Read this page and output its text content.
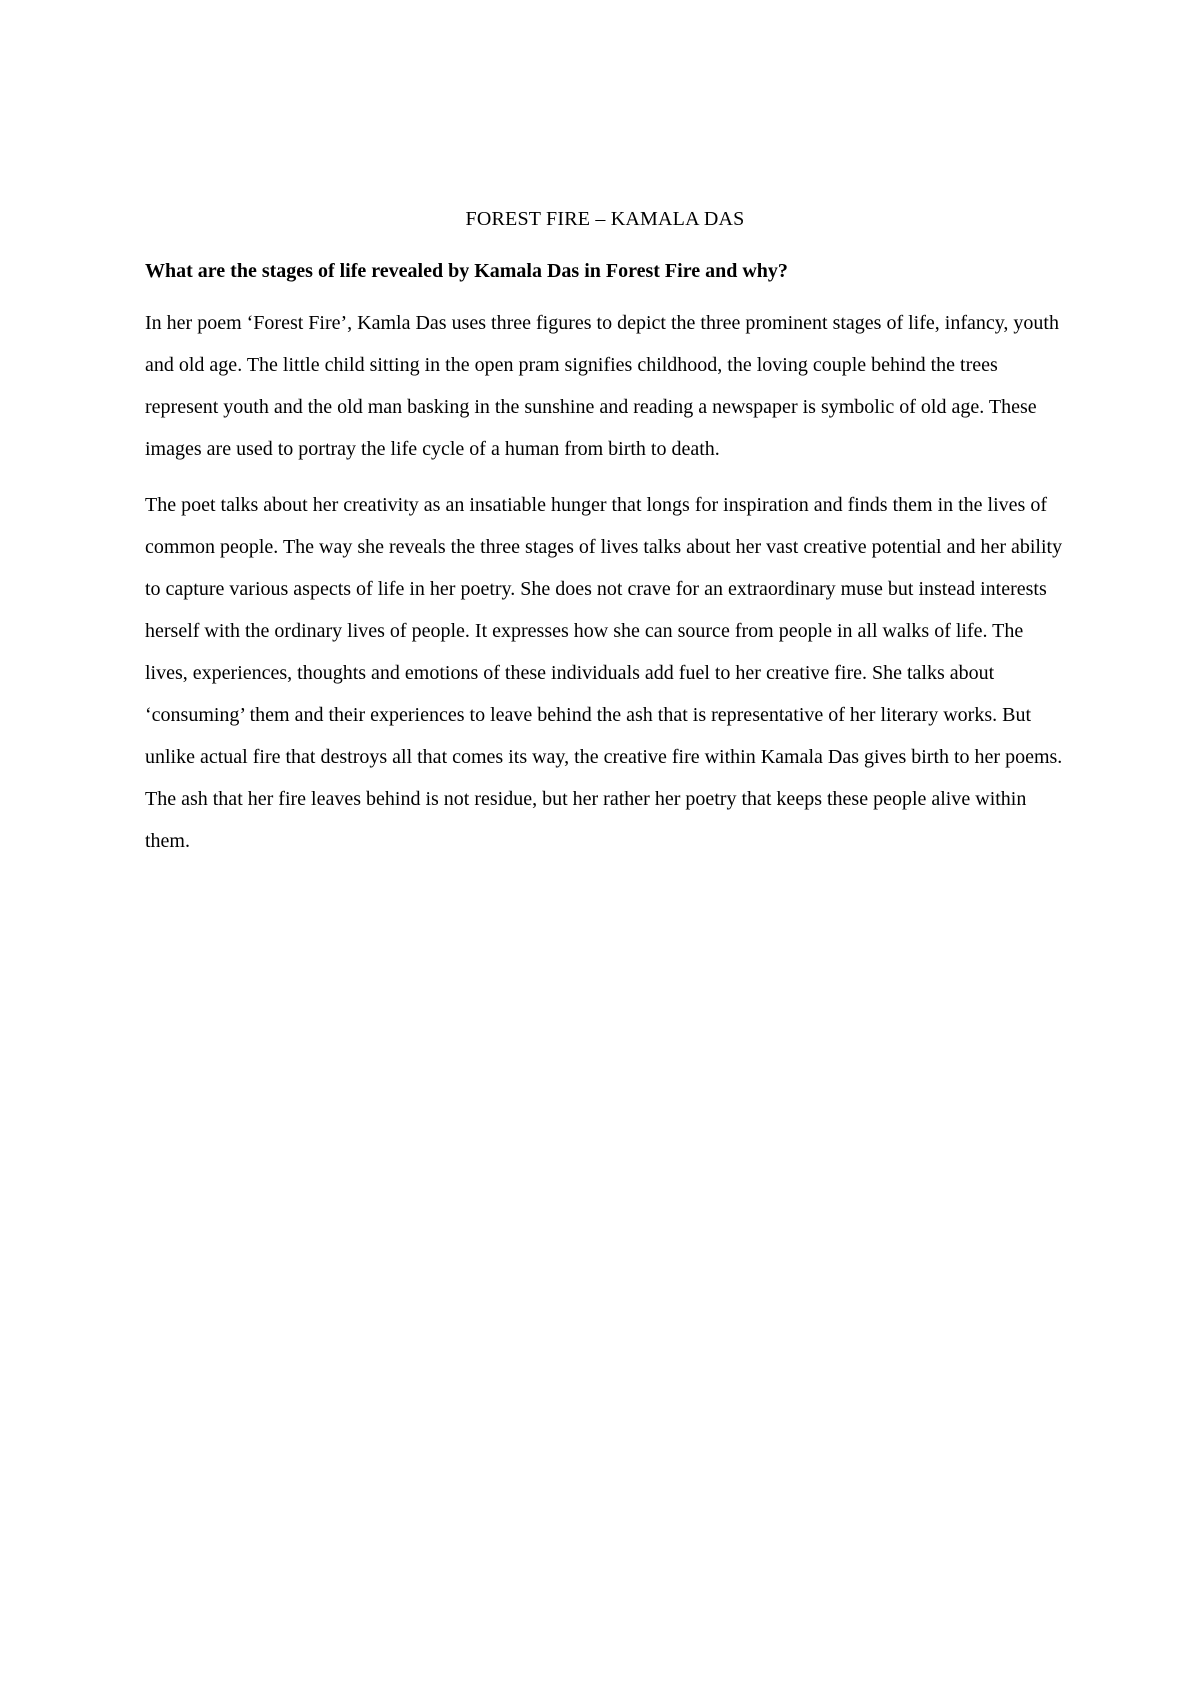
FOREST FIRE – KAMALA DAS
What are the stages of life revealed by Kamala Das in Forest Fire and why?

In her poem ‘Forest Fire’, Kamla Das uses three figures to depict the three prominent stages of life, infancy, youth and old age. The little child sitting in the open pram signifies childhood, the loving couple behind the trees represent youth and the old man basking in the sunshine and reading a newspaper is symbolic of old age. These images are used to portray the life cycle of a human from birth to death.

The poet talks about her creativity as an insatiable hunger that longs for inspiration and finds them in the lives of common people. The way she reveals the three stages of lives talks about her vast creative potential and her ability to capture various aspects of life in her poetry. She does not crave for an extraordinary muse but instead interests herself with the ordinary lives of people. It expresses how she can source from people in all walks of life. The lives, experiences, thoughts and emotions of these individuals add fuel to her creative fire. She talks about ‘consuming’ them and their experiences to leave behind the ash that is representative of her literary works. But unlike actual fire that destroys all that comes its way, the creative fire within Kamala Das gives birth to her poems. The ash that her fire leaves behind is not residue, but her rather her poetry that keeps these people alive within them.
